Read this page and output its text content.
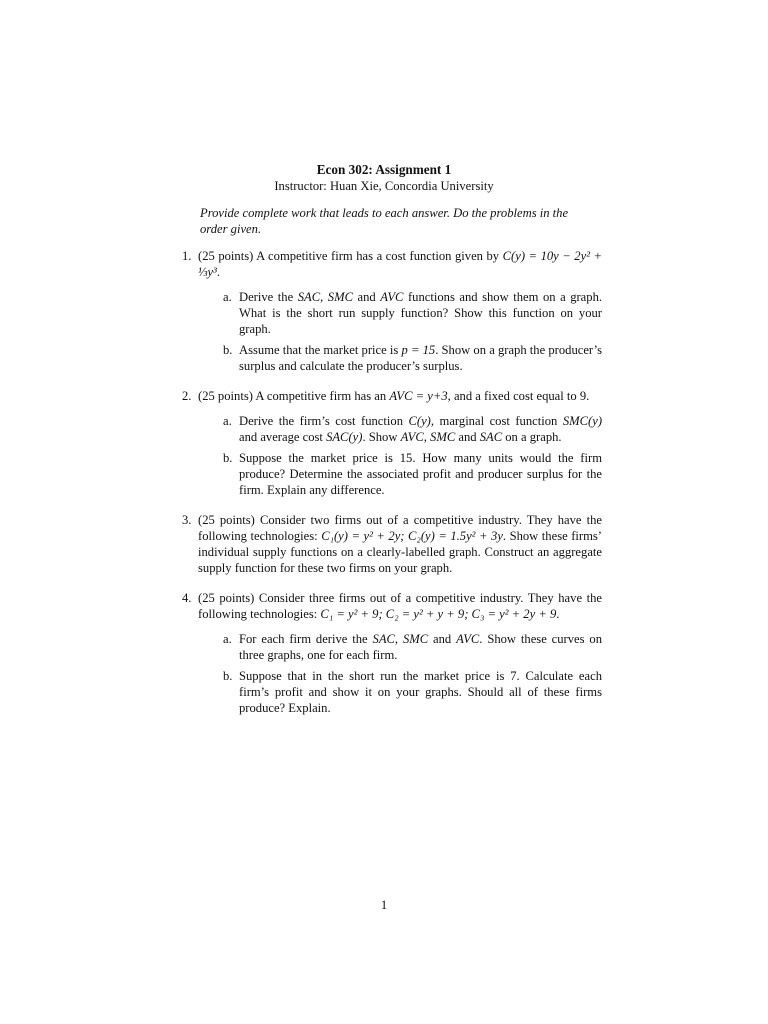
Econ 302: Assignment 1
Instructor: Huan Xie, Concordia University
Provide complete work that leads to each answer. Do the problems in the order given.
1. (25 points) A competitive firm has a cost function given by C(y) = 10y − 2y² + ⅓y³.
a. Derive the SAC, SMC and AVC functions and show them on a graph. What is the short run supply function? Show this function on your graph.
b. Assume that the market price is p = 15. Show on a graph the producer’s surplus and calculate the producer’s surplus.
2. (25 points) A competitive firm has an AVC = y+3, and a fixed cost equal to 9.
a. Derive the firm’s cost function C(y), marginal cost function SMC(y) and average cost SAC(y). Show AVC, SMC and SAC on a graph.
b. Suppose the market price is 15. How many units would the firm produce? Determine the associated profit and producer surplus for the firm. Explain any difference.
3. (25 points) Consider two firms out of a competitive industry. They have the following technologies: C₁(y) = y² + 2y; C₂(y) = 1.5y² + 3y. Show these firms’ individual supply functions on a clearly-labelled graph. Construct an aggregate supply function for these two firms on your graph.
4. (25 points) Consider three firms out of a competitive industry. They have the following technologies: C₁ = y² + 9; C₂ = y² + y + 9; C₃ = y² + 2y + 9.
a. For each firm derive the SAC, SMC and AVC. Show these curves on three graphs, one for each firm.
b. Suppose that in the short run the market price is 7. Calculate each firm’s profit and show it on your graphs. Should all of these firms produce? Explain.
1
